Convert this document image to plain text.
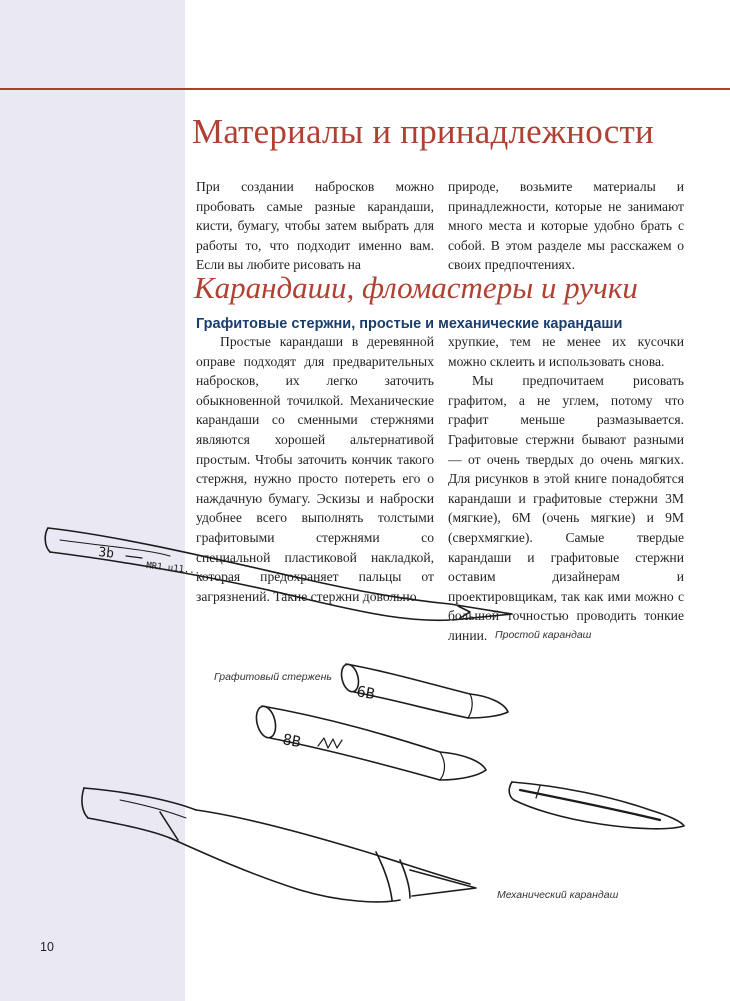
Материалы и принадлежности

При создании набросков можно пробовать самые разные карандаши, кисти, бумагу, чтобы затем выбрать для работы то, что подходит именно вам. Если вы любите рисовать на

природе, возьмите материалы и принадлежности, которые не занимают много места и которые удобно брать с собой. В этом разделе мы расскажем о своих предпочтениях.

Карандаши, фломастеры и ручки
Графитовые стержни, простые и механические карандаши

Простые карандаши в деревянной оправе подходят для предварительных набросков, их легко заточить обыкновенной точилкой. Механические карандаши со сменными стержнями являются хорошей альтернативой простым. Чтобы заточить кончик такого стержня, нужно просто потереть его о наждачную бумагу. Эскизы и наброски удобнее всего выполнять толстыми графитовыми стержнями со специальной пластиковой накладкой, которая предохраняет пальцы от загрязнений. Такие стержни довольно

хрупкие, тем не менее их кусочки можно склеить и использовать снова.

Мы предпочитаем рисовать графитом, а не углем, потому что графит меньше размазывается. Графитовые стержни бывают разными — от очень твердых до очень мягких. Для рисунков в этой книге понадобятся карандаши и графитовые стержни 3М (мягкие), 6М (очень мягкие) и 9М (сверхмягкие). Самые твердые карандаши и графитовые стержни оставим дизайнерам и проектировщикам, так как ими можно с большой точностью проводить тонкие линии.

3b
MR1.u11...
6B
8B
Простой карандаш
Графитовый стержень
Механический карандаш
10
